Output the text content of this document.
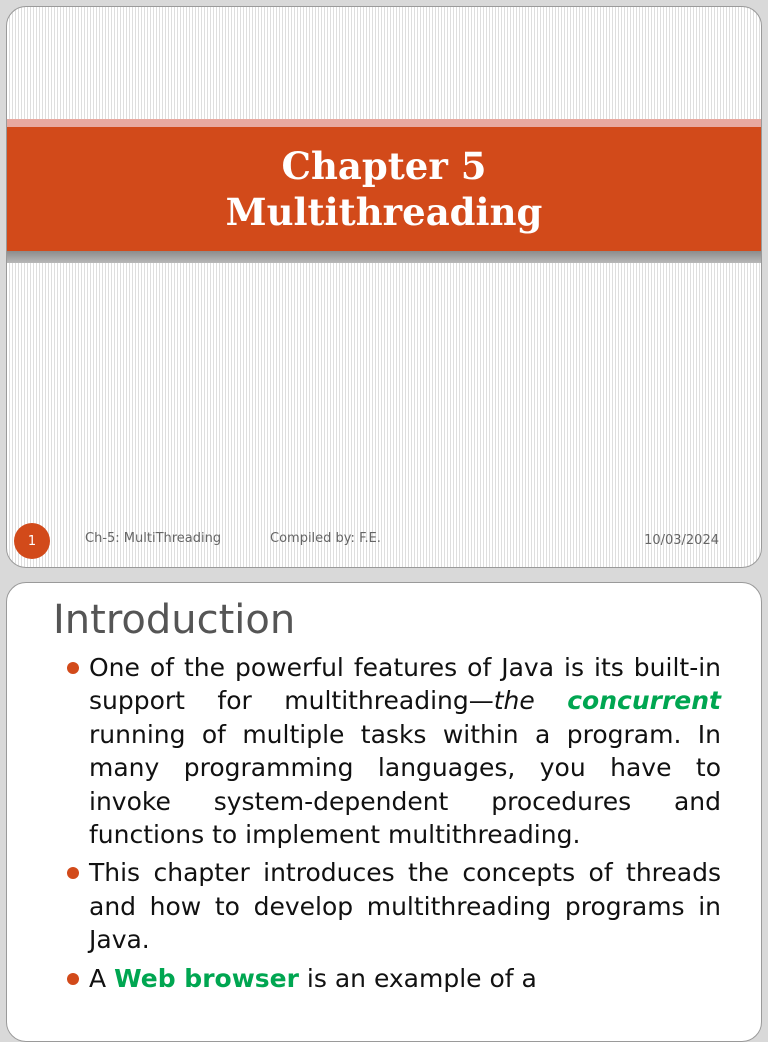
Chapter 5
Multithreading
1	Ch-5: MultiThreading	Compiled by: F.E.	10/03/2024
Introduction
One of the powerful features of Java is its built-in support for multithreading—the concurrent running of multiple tasks within a program. In many programming languages, you have to invoke system-dependent procedures and functions to implement multithreading.
This chapter introduces the concepts of threads and how to develop multithreading programs in Java.
A Web browser is an example of a
